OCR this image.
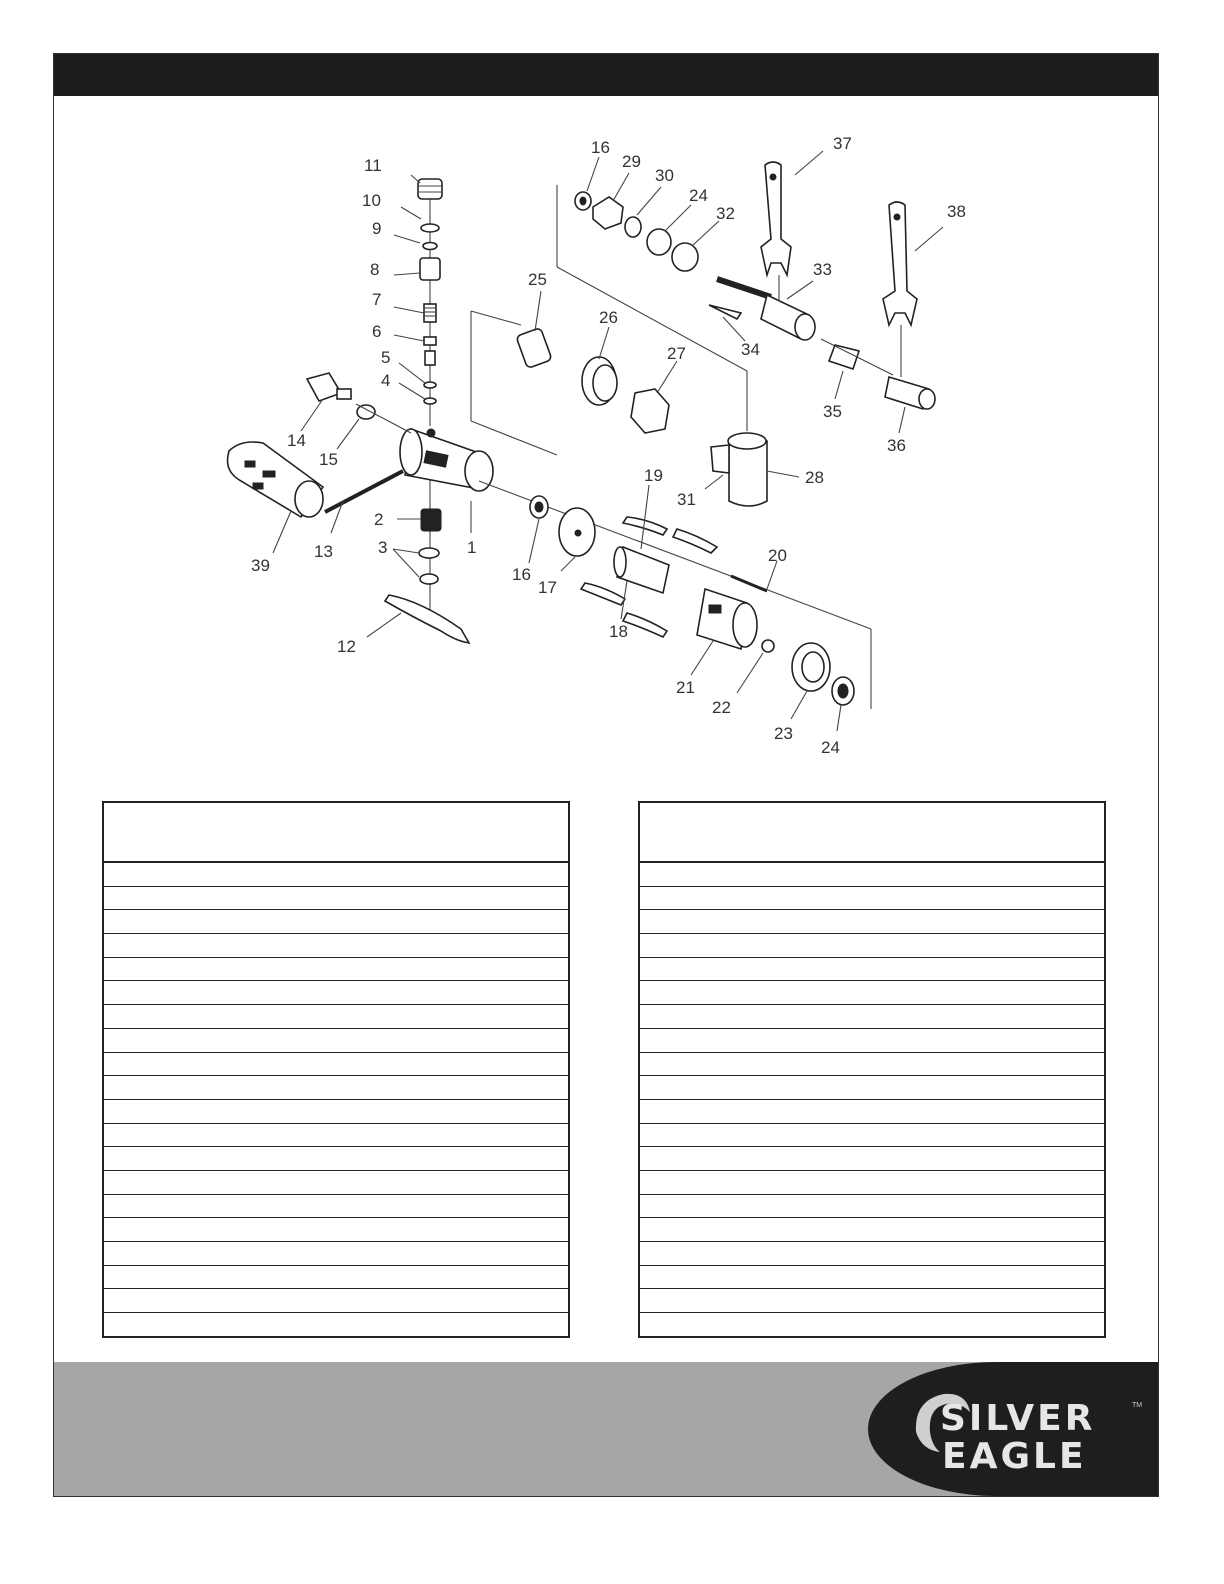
1
2
3
4
5
6
7
8
9
10
11
12
13
14
15
16
16
17
18
19
20
21
22
23
24
24
25
26
27
28
29
30
31
32
33
34
35
36
37
38
39

SILVER
EAGLE
TM
